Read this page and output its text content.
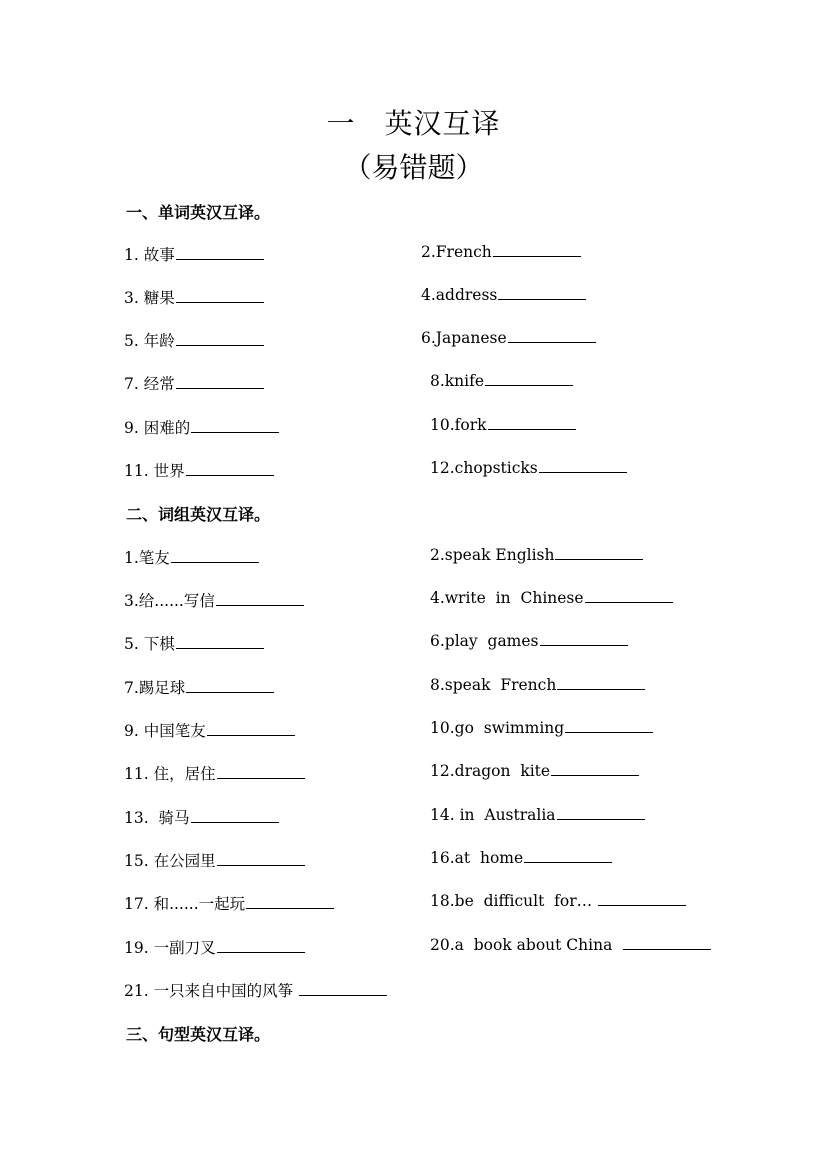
一　英汉互译
（易错题）
一、单词英汉互译。
1. 故事	2.French
3. 糖果	4.address
5. 年龄	6.Japanese
7. 经常	8.knife
9. 困难的	10.fork
11. 世界	12.chopsticks
二、词组英汉互译。
1.笔友	2.speak English
3.给......写信	4.write  in  Chinese
5. 下棋	6.play  games
7.踢足球	8.speak  French
9. 中国笔友	10.go  swimming
11. 住，居住	12.dragon  kite
13.  骑马	14. in  Australia
15. 在公园里	16.at  home
17. 和......一起玩	18.be  difficult  for…
19. 一副刀叉	20.a  book about China
21. 一只来自中国的风筝
三、句型英汉互译。
